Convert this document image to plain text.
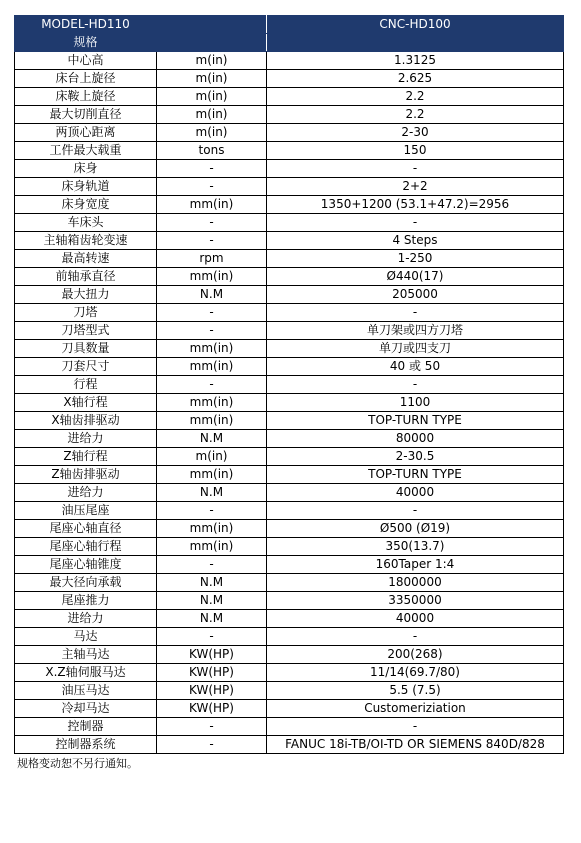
MODEL-HD110		CNC-HD100
规格		
中心高	m(in)	1.3125
床台上旋径	m(in)	2.625
床鞍上旋径	m(in)	2.2
最大切削直径	m(in)	2.2
两顶心距离	m(in)	2-30
工件最大载重	tons	150
床身	-	-
床身轨道	-	2+2
床身宽度	mm(in)	1350+1200 (53.1+47.2)=2956
车床头	-	-
主轴箱齿轮变速	-	4 Steps
最高转速	rpm	1-250
前轴承直径	mm(in)	Ø440(17)
最大扭力	N.M	205000
刀塔	-	-
刀塔型式	-	单刀架或四方刀塔
刀具数量	mm(in)	单刀或四支刀
刀套尺寸	mm(in)	40 或 50
行程	-	-
X轴行程	mm(in)	1100
X轴齿排驱动	mm(in)	TOP-TURN TYPE
进给力	N.M	80000
Z轴行程	m(in)	2-30.5
Z轴齿排驱动	mm(in)	TOP-TURN TYPE
进给力	N.M	40000
油压尾座	-	-
尾座心轴直径	mm(in)	Ø500 (Ø19)
尾座心轴行程	mm(in)	350(13.7)
尾座心轴锥度	-	160Taper 1:4
最大径向承载	N.M	1800000
尾座推力	N.M	3350000
进给力	N.M	40000
马达	-	-
主轴马达	KW(HP)	200(268)
X.Z轴伺服马达	KW(HP)	11/14(69.7/80)
油压马达	KW(HP)	5.5 (7.5)
冷却马达	KW(HP)	Customeriziation
控制器	-	-
控制器系统	-	FANUC 18i-TB/OI-TD OR SIEMENS 840D/828
规格变动恕不另行通知。
